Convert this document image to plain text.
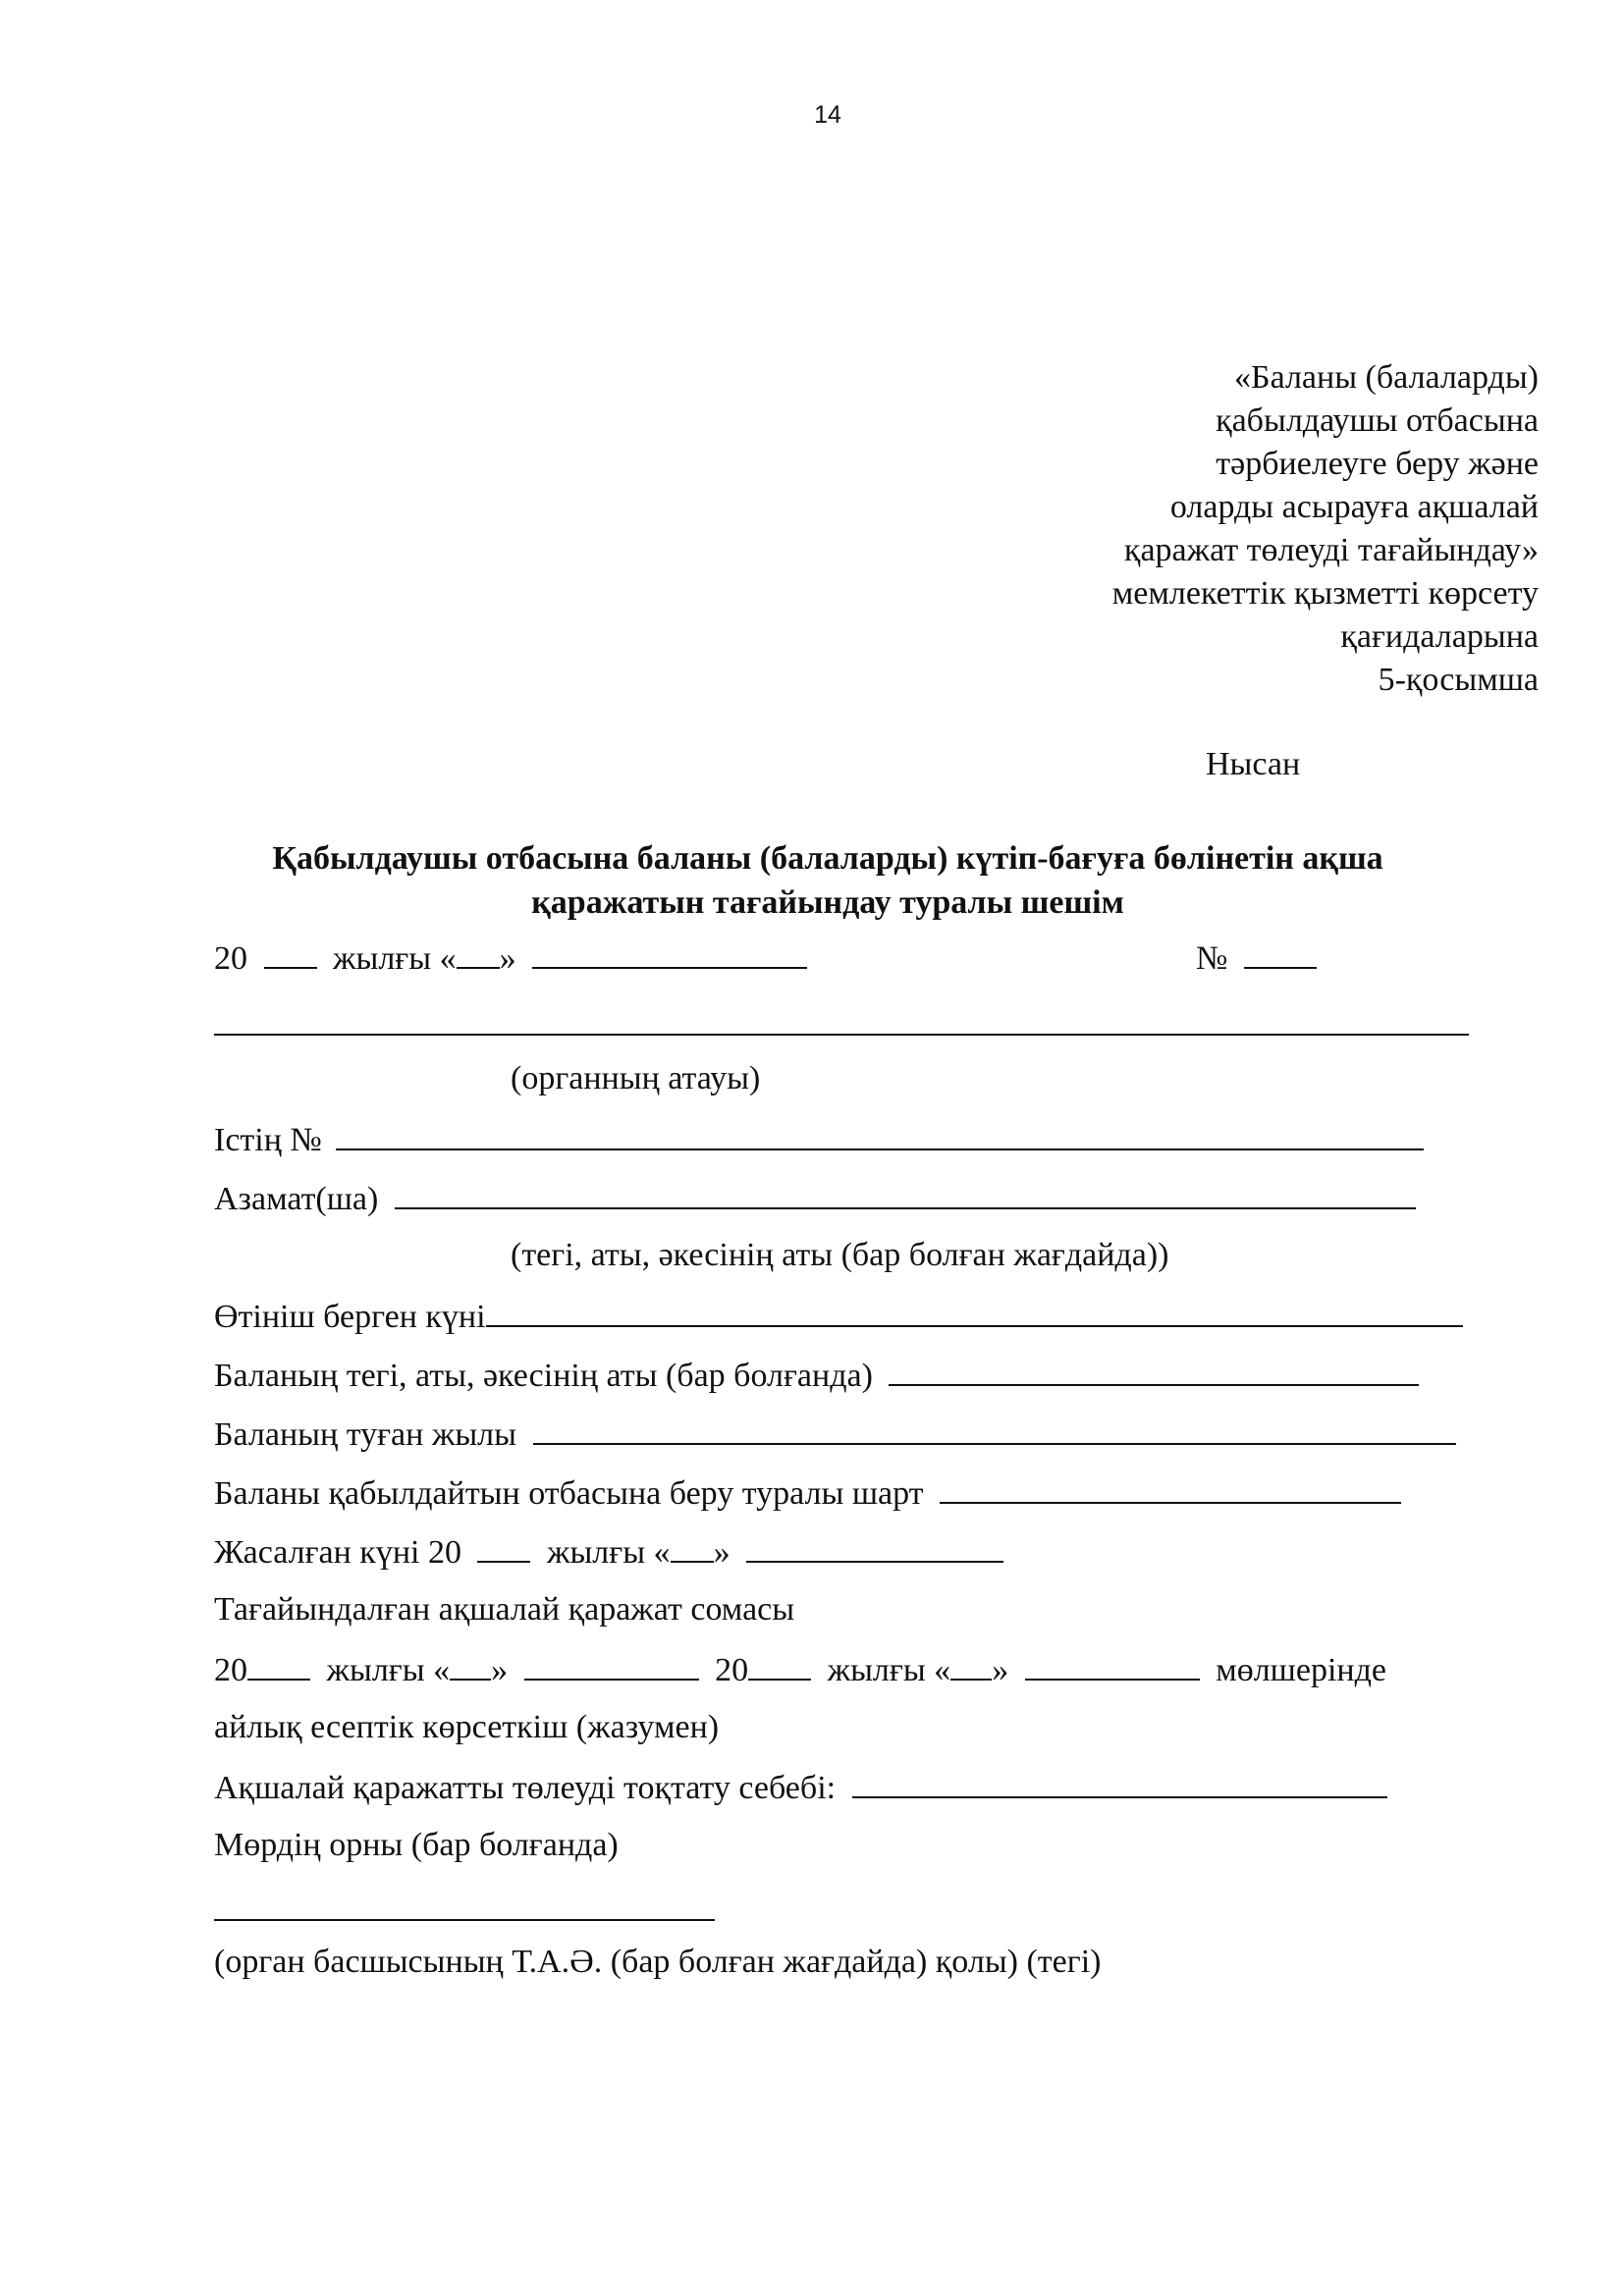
14
«Баланы (балаларды)
қабылдаушы отбасына
тәрбиелеуге беру және
оларды асырауға ақшалай
қаражат төлеуді тағайындау»
мемлекеттік қызметті көрсету
қағидаларына
5-қосымша
Нысан
Қабылдаушы отбасына баланы (балаларды) күтіп-бағуға бөлінетін ақша
қаражатын тағайындау туралы шешім
20	жылғы « »	№
(органның атауы)
Істің №
Азамат(ша)
(тегі, аты, әкесінің аты (бар болған жағдайда))
Өтініш берген күні
Баланың тегі, аты, әкесінің аты (бар болғанда)
Баланың туған жылы
Баланы қабылдайтын отбасына беру туралы шарт
Жасалған күні 20	жылғы « »
Тағайындалған ақшалай қаражат сомасы
20 жылғы « »	20 жылғы « »	мөлшерінде
айлық есептік көрсеткіш (жазумен)
Ақшалай қаражатты төлеуді тоқтату себебі:
Мөрдің орны (бар болғанда)
(орган басшысының Т.А.Ә. (бар болған жағдайда) қолы) (тегі)
